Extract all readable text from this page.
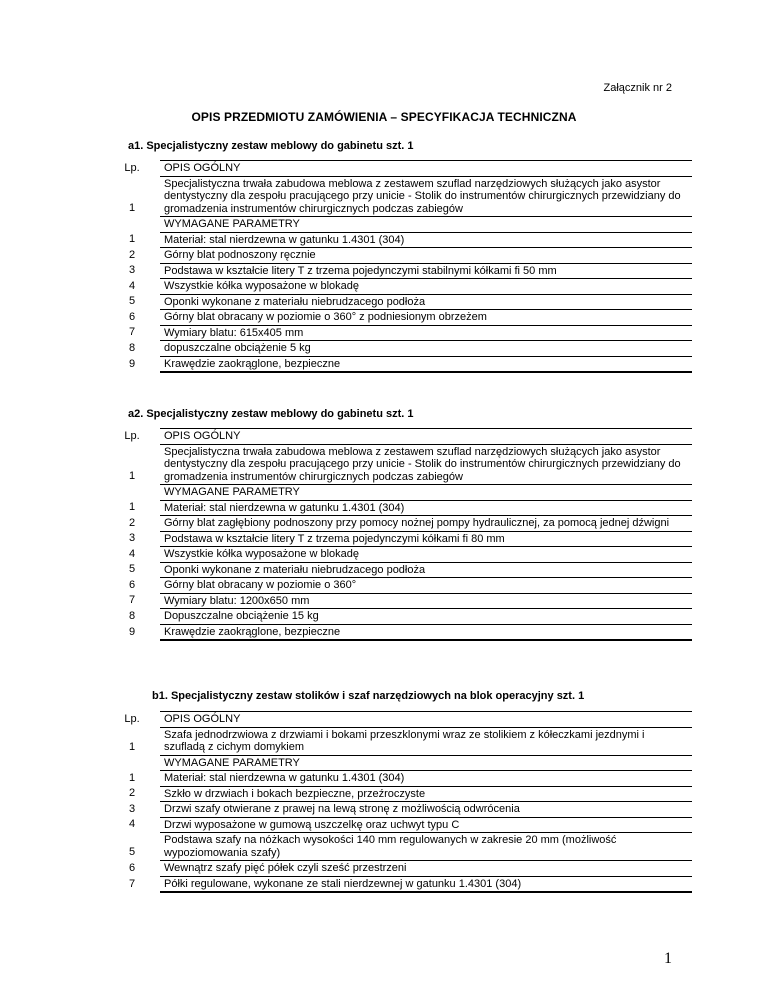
Załącznik nr 2
OPIS PRZEDMIOTU ZAMÓWIENIA – SPECYFIKACJA TECHNICZNA
a1. Specjalistyczny zestaw meblowy do gabinetu szt. 1
Lp.	OPIS OGÓLNY
1	Specjalistyczna trwała zabudowa meblowa z zestawem szuflad narzędziowych służących jako asystor dentystyczny dla zespołu pracującego przy unicie - Stolik do instrumentów chirurgicznych przewidziany do gromadzenia instrumentów chirurgicznych podczas zabiegów
	WYMAGANE PARAMETRY
1	Materiał: stal nierdzewna w gatunku 1.4301 (304)
2	Górny blat podnoszony ręcznie
3	Podstawa w kształcie litery T z trzema pojedynczymi stabilnymi kółkami fi 50 mm
4	Wszystkie kółka wyposażone w blokadę
5	Oponki wykonane z materiału niebrudzacego podłoża
6	Górny blat obracany w poziomie o 360° z podniesionym obrzeżem
7	Wymiary blatu: 615x405 mm
8	dopuszczalne obciążenie 5 kg
9	Krawędzie zaokrąglone, bezpieczne
a2. Specjalistyczny zestaw meblowy do gabinetu szt. 1
Lp.	OPIS OGÓLNY
1	Specjalistyczna trwała zabudowa meblowa z zestawem szuflad narzędziowych służących jako asystor dentystyczny dla zespołu pracującego przy unicie - Stolik do instrumentów chirurgicznych przewidziany do gromadzenia instrumentów chirurgicznych podczas zabiegów
	WYMAGANE PARAMETRY
1	Materiał: stal nierdzewna w gatunku 1.4301 (304)
2	Górny blat zagłębiony podnoszony przy pomocy nożnej pompy hydraulicznej, za pomocą jednej dźwigni
3	Podstawa w kształcie litery T z trzema pojedynczymi kółkami fi 80 mm
4	Wszystkie kółka wyposażone w blokadę
5	Oponki wykonane z materiału niebrudzacego podłoża
6	Górny blat obracany w poziomie o 360°
7	Wymiary blatu: 1200x650 mm
8	Dopuszczalne obciążenie 15 kg
9	Krawędzie zaokrąglone, bezpieczne
b1. Specjalistyczny zestaw stolików i szaf narzędziowych na blok operacyjny szt. 1
Lp.	OPIS OGÓLNY
1	Szafa jednodrzwiowa z drzwiami i bokami przeszklonymi wraz ze stolikiem z kółeczkami jezdnymi i szufladą z cichym domykiem
	WYMAGANE PARAMETRY
1	Materiał: stal nierdzewna w gatunku 1.4301 (304)
2	Szkło w drzwiach i bokach bezpieczne, przeźroczyste
3	Drzwi szafy otwierane z prawej na lewą stronę z możliwością odwrócenia
4	Drzwi wyposażone w gumową uszczelkę oraz uchwyt typu C
5	Podstawa szafy na nóżkach wysokości 140 mm regulowanych w zakresie 20 mm (możliwość wypoziomowania szafy)
6	Wewnątrz szafy pięć półek czyli sześć przestrzeni
7	Półki regulowane, wykonane ze stali nierdzewnej w gatunku 1.4301 (304)
1
